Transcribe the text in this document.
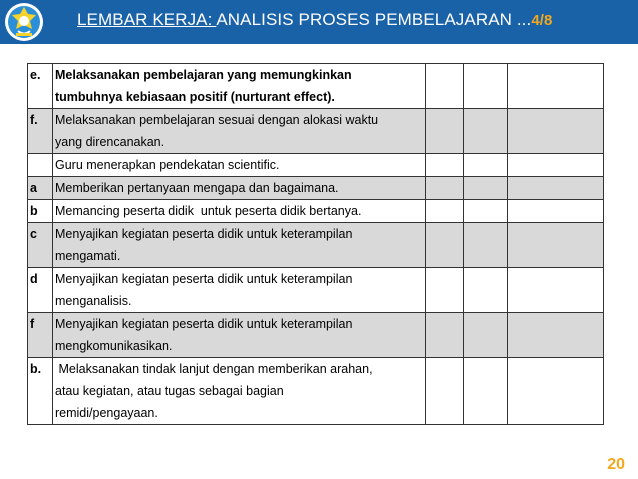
LEMBAR KERJA: ANALISIS PROSES PEMBELAJARAN ...4/8
e.	Melaksanakan pembelajaran yang memungkinkan
tumbuhnya kebiasaan positif (nurturant effect).			

f.	Melaksanakan pembelajaran sesuai dengan alokasi waktu
yang direncanakan.			

	Guru menerapkan pendekatan scientific.			

a	Memberikan pertanyaan mengapa dan bagaimana.			

b	Memancing peserta didik  untuk peserta didik bertanya.			

c	Menyajikan kegiatan peserta didik untuk keterampilan
mengamati.			

d	Menyajikan kegiatan peserta didik untuk keterampilan
menganalisis.			

f	Menyajikan kegiatan peserta didik untuk keterampilan
mengkomunikasikan.			

b.	Melaksanakan tindak lanjut dengan memberikan arahan,
atau kegiatan, atau tugas sebagai bagian
remidi/pengayaan.			

20
